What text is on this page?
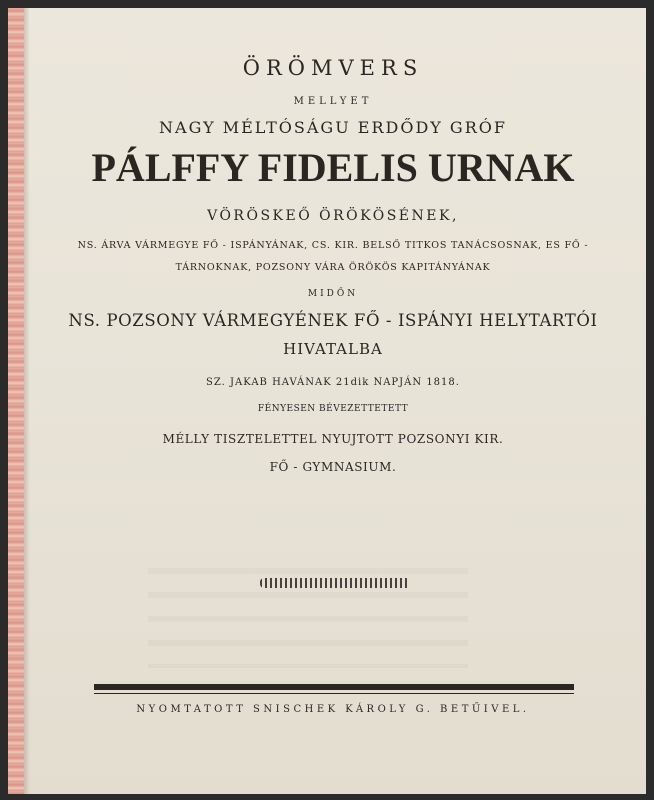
ÖRÖMVERS
MELLYET
NAGY MÉLTÓSÁGU ERDŐDY GRÓF
PÁLFFY FIDELIS URNAK
VÖRÖSKEŐ ÖRÖKÖSÉNEK,
NS. ÁRVA VÁRMEGYE FŐ - ISPÁNYÁNAK, CS. KIR. BELSŐ TITKOS TANÁCSOSNAK, ES FŐ -
TÁRNOKNAK, POZSONY VÁRA ÖRÖKÖS KAPITÁNYÁNAK
MIDŐN
NS. POZSONY VÁRMEGYÉNEK FŐ - ISPÁNYI HELYTARTÓI
HIVATALBA
SZ. JAKAB HAVÁNAK 21dik NAPJÁN 1818.
FÉNYESEN BÉVEZETTETETT
MÉLLY TISZTELETTEL NYUJTOTT POZSONYI KIR.
FŐ - GYMNASIUM.
NYOMTATOTT SNISCHEK KÁROLY G. BETŰIVEL.
